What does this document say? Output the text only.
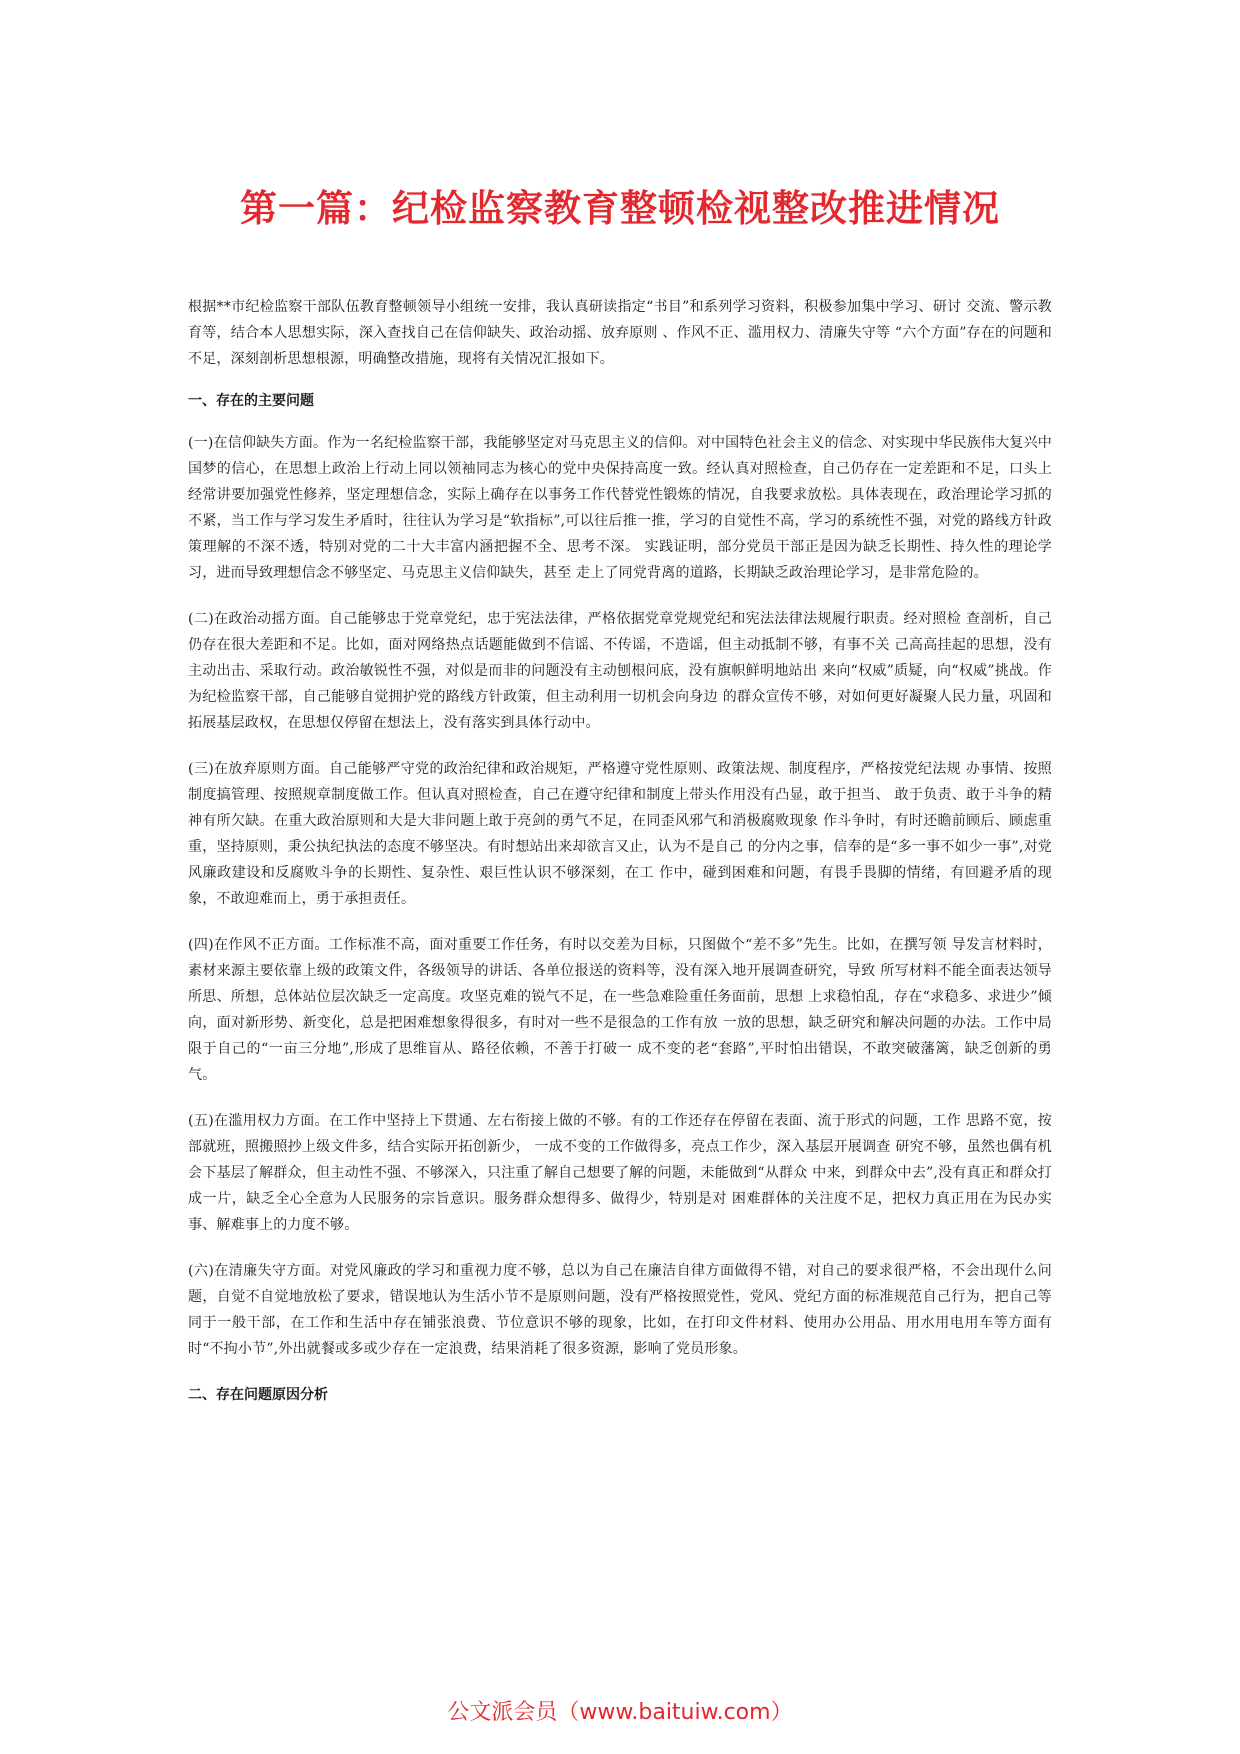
第一篇：纪检监察教育整顿检视整改推进情况

根据**市纪检监察干部队伍教育整顿领导小组统一安排，我认真研读指定“书目”和系列学习资料，积极参加集中学习、研讨 交流、警示教育等，结合本人思想实际，深入查找自己在信仰缺失、政治动摇、放弃原则 、作风不正、滥用权力、清廉失守等 “六个方面”存在的问题和不足，深刻剖析思想根源，明确整改措施，现将有关情况汇报如下。

一、存在的主要问题

(一)在信仰缺失方面。作为一名纪检监察干部，我能够坚定对马克思主义的信仰。对中国特色社会主义的信念、对实现中华民族伟大复兴中国梦的信心，在思想上政治上行动上同以领袖同志为核心的党中央保持高度一致。经认真对照检查，自己仍存在一定差距和不足，口头上经常讲要加强党性修养，坚定理想信念，实际上确存在以事务工作代替党性锻炼的情况，自我要求放松。具体表现在，政治理论学习抓的不紧，当工作与学习发生矛盾时，往往认为学习是“软指标”,可以往后推一推，学习的自觉性不高，学习的系统性不强，对党的路线方针政策理解的不深不透，特别对党的二十大丰富内涵把握不全、思考不深。 实践证明，部分党员干部正是因为缺乏长期性、持久性的理论学习，进而导致理想信念不够坚定、马克思主义信仰缺失，甚至 走上了同党背离的道路，长期缺乏政治理论学习，是非常危险的。

(二)在政治动摇方面。自己能够忠于党章党纪，忠于宪法法律，严格依据党章党规党纪和宪法法律法规履行职责。经对照检 查剖析，自己仍存在很大差距和不足。比如，面对网络热点话题能做到不信谣、不传谣，不造谣，但主动抵制不够，有事不关 己高高挂起的思想，没有主动出击、采取行动。政治敏锐性不强，对似是而非的问题没有主动刨根问底，没有旗帜鲜明地站出 来向“权威”质疑，向“权威”挑战。作为纪检监察干部，自己能够自觉拥护党的路线方针政策，但主动利用一切机会向身边 的群众宣传不够，对如何更好凝聚人民力量，巩固和拓展基层政权，在思想仅停留在想法上，没有落实到具体行动中。

(三)在放弃原则方面。自己能够严守党的政治纪律和政治规矩，严格遵守党性原则、政策法规、制度程序，严格按党纪法规 办事情、按照制度搞管理、按照规章制度做工作。但认真对照检查，自己在遵守纪律和制度上带头作用没有凸显，敢于担当、 敢于负责、敢于斗争的精神有所欠缺。在重大政治原则和大是大非问题上敢于亮剑的勇气不足，在同歪风邪气和消极腐败现象 作斗争时，有时还瞻前顾后、顾虑重重，坚持原则，秉公执纪执法的态度不够坚决。有时想站出来却欲言又止，认为不是自己 的分内之事，信奉的是“多一事不如少一事”,对党风廉政建设和反腐败斗争的长期性、复杂性、艰巨性认识不够深刻，在工 作中，碰到困难和问题，有畏手畏脚的情绪，有回避矛盾的现象，不敢迎难而上，勇于承担责任。

(四)在作风不正方面。工作标准不高，面对重要工作任务，有时以交差为目标，只图做个“差不多”先生。比如，在撰写领 导发言材料时，素材来源主要依靠上级的政策文件，各级领导的讲话、各单位报送的资料等，没有深入地开展调查研究，导致 所写材料不能全面表达领导所思、所想，总体站位层次缺乏一定高度。攻坚克难的锐气不足，在一些急难险重任务面前，思想 上求稳怕乱，存在“求稳多、求进少”倾向，面对新形势、新变化，总是把困难想象得很多，有时对一些不是很急的工作有放 一放的思想，缺乏研究和解决问题的办法。工作中局限于自己的“一亩三分地”,形成了思维盲从、路径依赖，不善于打破一 成不变的老“套路”,平时怕出错误，不敢突破藩篱，缺乏创新的勇气。

(五)在滥用权力方面。在工作中坚持上下贯通、左右衔接上做的不够。有的工作还存在停留在表面、流于形式的问题，工作 思路不宽，按部就班，照搬照抄上级文件多，结合实际开拓创新少， 一成不变的工作做得多，亮点工作少，深入基层开展调查 研究不够，虽然也偶有机会下基层了解群众，但主动性不强、不够深入，只注重了解自己想要了解的问题，未能做到“从群众 中来，到群众中去”,没有真正和群众打成一片，缺乏全心全意为人民服务的宗旨意识。服务群众想得多、做得少，特别是对 困难群体的关注度不足，把权力真正用在为民办实事、解难事上的力度不够。

(六)在清廉失守方面。对党风廉政的学习和重视力度不够，总以为自己在廉洁自律方面做得不错，对自己的要求很严格，不会出现什么问题，自觉不自觉地放松了要求，错误地认为生活小节不是原则问题，没有严格按照党性，党风、党纪方面的标准规范自己行为，把自己等同于一般干部，在工作和生活中存在铺张浪费、节位意识不够的现象，比如，在打印文件材料、使用办公用品、用水用电用车等方面有时“不拘小节”,外出就餐或多或少存在一定浪费，结果消耗了很多资源，影响了党员形象。

二、存在问题原因分析
公文派会员（www.baituiw.com）
